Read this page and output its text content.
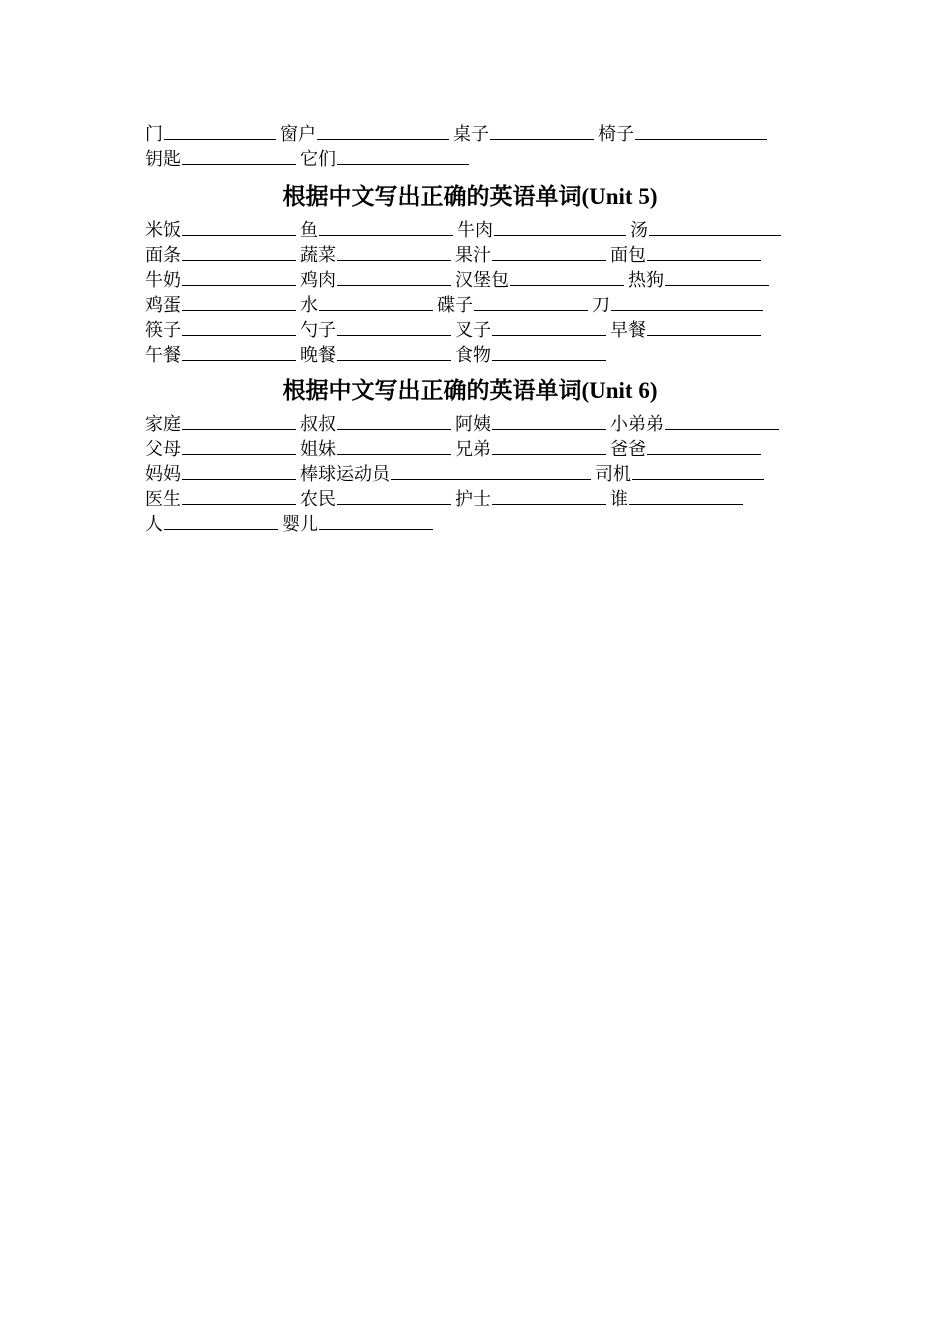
门	窗户	桌子	椅子
钥匙	它们
根据中文写出正确的英语单词(Unit 5)
米饭	鱼	牛肉	汤
面条	蔬菜	果汁	面包
牛奶	鸡肉	汉堡包	热狗
鸡蛋	水	碟子	刀
筷子	勺子	叉子	早餐
午餐	晚餐	食物
根据中文写出正确的英语单词(Unit 6)
家庭	叔叔	阿姨	小弟弟
父母	姐妹	兄弟	爸爸
妈妈	棒球运动员	司机
医生	农民	护士	谁
人	婴儿
